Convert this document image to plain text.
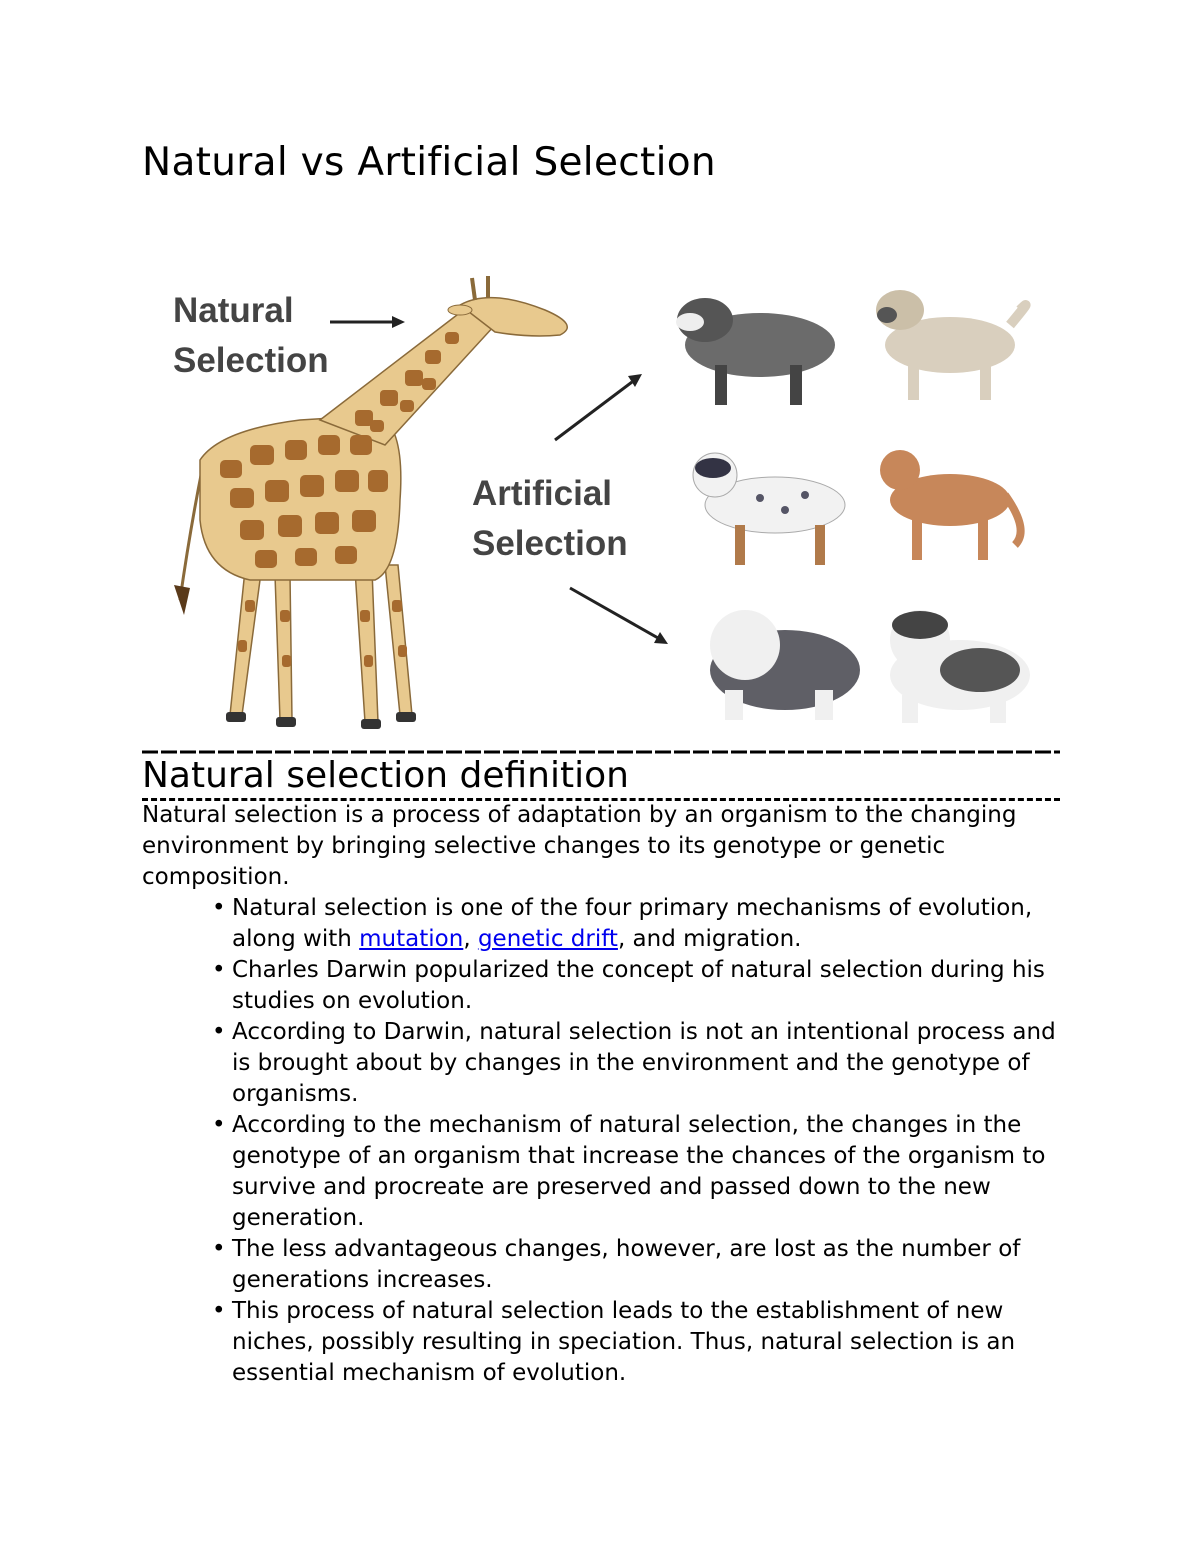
Natural vs Artificial Selection
Natural
Selection
Artificial
Selection
Natural selection definition

Natural selection is a process of adaptation by an organism to the changing environment by bringing selective changes to its genotype or genetic composition.

• Natural selection is one of the four primary mechanisms of evolution, along with mutation, genetic drift, and migration.
• Charles Darwin popularized the concept of natural selection during his studies on evolution.
• According to Darwin, natural selection is not an intentional process and is brought about by changes in the environment and the genotype of organisms.
• According to the mechanism of natural selection, the changes in the genotype of an organism that increase the chances of the organism to survive and procreate are preserved and passed down to the new generation.
• The less advantageous changes, however, are lost as the number of generations increases.
• This process of natural selection leads to the establishment of new niches, possibly resulting in speciation. Thus, natural selection is an essential mechanism of evolution.
